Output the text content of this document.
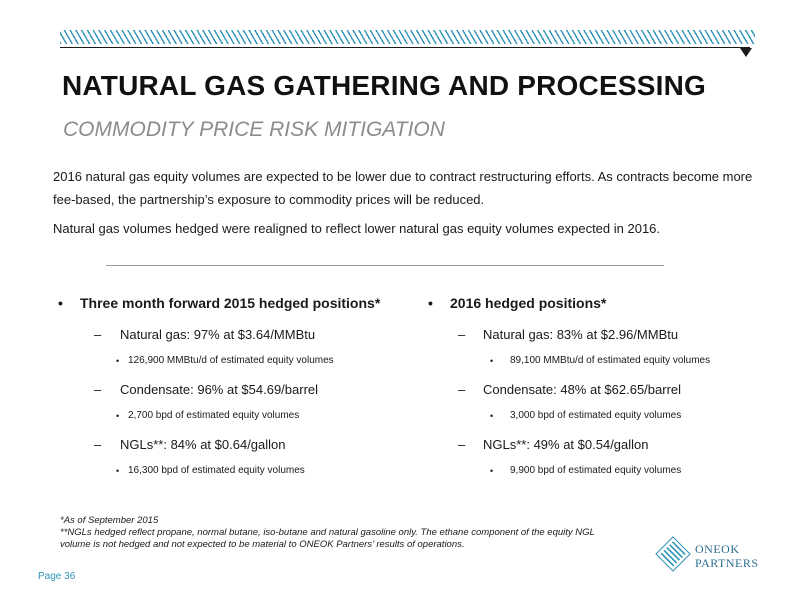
NATURAL GAS GATHERING AND PROCESSING
COMMODITY PRICE RISK MITIGATION

2016 natural gas equity volumes are expected to be lower due to contract restructuring efforts. As contracts become more fee-based, the partnership’s exposure to commodity prices will be reduced.

Natural gas volumes hedged were realigned to reflect lower natural gas equity volumes expected in 2016.

• Three month forward 2015 hedged positions*
– Natural gas: 97% at $3.64/MMBtu
• 126,900 MMBtu/d of estimated equity volumes
– Condensate: 96% at $54.69/barrel
• 2,700 bpd of estimated equity volumes
– NGLs**: 84% at $0.64/gallon
• 16,300 bpd of estimated equity volumes
• 2016 hedged positions*
– Natural gas: 83% at $2.96/MMBtu
• 89,100 MMBtu/d of estimated equity volumes
– Condensate: 48% at $62.65/barrel
• 3,000 bpd of estimated equity volumes
– NGLs**: 49% at $0.54/gallon
• 9,900 bpd of estimated equity volumes
*As of September 2015
**NGLs hedged reflect propane, normal butane, iso-butane and natural gasoline only. The ethane component of the equity NGL
volume is not hedged and not expected to be material to ONEOK Partners’ results of operations.
Page 36
ONEOK
PARTNERS
